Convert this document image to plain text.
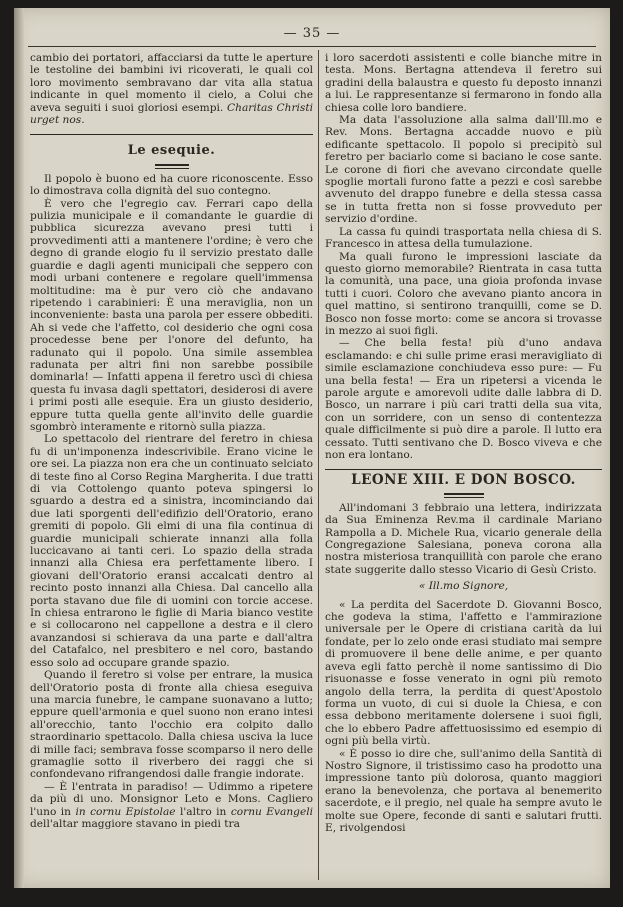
— 35 —

cambio dei portatori, affacciarsi da tutte le aperture le testoline dei bambini ivi ricoverati, le quali col loro movimento sembravano dar vita alla statua indicante in quel momento il cielo, a Colui che aveva seguiti i suoi gloriosi esempi. Charitas Christi urget nos.

Le esequie.

Il popolo è buono ed ha cuore riconoscente. Esso lo dimostrava colla dignità del suo contegno.

È vero che l'egregio cav. Ferrari capo della pulizia municipale e il comandante le guardie di pubblica sicurezza avevano presi tutti i provvedimenti atti a mantenere l'ordine; è vero che degno di grande elogio fu il servizio prestato dalle guardie e dagli agenti municipali che seppero con modi urbani contenere e regolare quell'immensa moltitudine: ma è pur vero ciò che andavano ripetendo i carabinieri: È una meraviglia, non un inconveniente: basta una parola per essere obbediti. Ah si vede che l'affetto, col desiderio che ogni cosa procedesse bene per l'onore del defunto, ha radunato qui il popolo. Una simile assemblea radunata per altri fini non sarebbe possibile dominarla! — Infatti appena il feretro uscì di chiesa questa fu invasa dagli spettatori, desiderosi di avere i primi posti alle esequie. Era un giusto desiderio, eppure tutta quella gente all'invito delle guardie sgombrò interamente e ritornò sulla piazza.

Lo spettacolo del rientrare del feretro in chiesa fu di un'imponenza indescrivibile. Erano vicine le ore sei. La piazza non era che un continuato selciato di teste fino al Corso Regina Margherita. I due tratti di via Cottolengo quanto poteva spingersi lo sguardo a destra ed a sinistra, incominciando dai due lati sporgenti dell'edifizio dell'Oratorio, erano gremiti di popolo. Gli elmi di una fila continua di guardie municipali schierate innanzi alla folla luccicavano ai tanti ceri. Lo spazio della strada innanzi alla Chiesa era perfettamente libero. I giovani dell'Oratorio eransi accalcati dentro al recinto posto innanzi alla Chiesa. Dal cancello alla porta stavano due file di uomini con torcie accese. In chiesa entrarono le figlie di Maria bianco vestite e si collocarono nel cappellone a destra e il clero avanzandosi si schierava da una parte e dall'altra del Catafalco, nel presbitero e nel coro, bastando esso solo ad occupare grande spazio.

Quando il feretro si volse per entrare, la musica dell'Oratorio posta di fronte alla chiesa eseguiva una marcia funebre, le campane suonavano a lutto; eppure quell'armonia e quel suono non erano intesi all'orecchio, tanto l'occhio era colpito dallo straordinario spettacolo. Dalla chiesa usciva la luce di mille faci; sembrava fosse scomparso il nero delle gramaglie sotto il riverbero dei raggi che si confondevano rifrangendosi dalle frangie indorate.

— È l'entrata in paradiso! — Udimmo a ripetere da più di uno. Monsignor Leto e Mons. Cagliero l'uno in in cornu Epistolae l'altro in cornu Evangeli dell'altar maggiore stavano in piedi tra

i loro sacerdoti assistenti e colle bianche mitre in testa. Mons. Bertagna attendeva il feretro sui gradini della balaustra e questo fu deposto innanzi a lui. Le rappresentanze si fermarono in fondo alla chiesa colle loro bandiere.

Ma data l'assoluzione alla salma dall'Ill.mo e Rev. Mons. Bertagna accadde nuovo e più edificante spettacolo. Il popolo si precipitò sul feretro per baciarlo come si baciano le cose sante. Le corone di fiori che avevano circondate quelle spoglie mortali furono fatte a pezzi e così sarebbe avvenuto del drappo funebre e della stessa cassa se in tutta fretta non si fosse provveduto per servizio d'ordine.

La cassa fu quindi trasportata nella chiesa di S. Francesco in attesa della tumulazione.

Ma quali furono le impressioni lasciate da questo giorno memorabile? Rientrata in casa tutta la comunità, una pace, una gioia profonda invase tutti i cuori. Coloro che avevano pianto ancora in quel mattino, si sentirono tranquilli, come se D. Bosco non fosse morto: come se ancora si trovasse in mezzo ai suoi figli.

— Che bella festa! più d'uno andava esclamando: e chi sulle prime erasi meravigliato di simile esclamazione conchiudeva esso pure: — Fu una bella festa! — Era un ripetersi a vicenda le parole argute e amorevoli udite dalle labbra di D. Bosco, un narrare i più cari tratti della sua vita, con un sorridere, con un senso di contentezza quale difficilmente si può dire a parole. Il lutto era cessato. Tutti sentivano che D. Bosco viveva e che non era lontano.

LEONE XIII. E DON BOSCO.

All'indomani 3 febbraio una lettera, indirizzata da Sua Eminenza Rev.ma il cardinale Mariano Rampolla a D. Michele Rua, vicario generale della Congregazione Salesiana, poneva corona alla nostra misteriosa tranquillità con parole che erano state suggerite dallo stesso Vicario di Gesù Cristo.

« Ill.mo Signore,

« La perdita del Sacerdote D. Giovanni Bosco, che godeva la stima, l'affetto e l'ammirazione universale per le Opere di cristiana carità da lui fondate, per lo zelo onde erasi studiato mai sempre di promuovere il bene delle anime, e per quanto aveva egli fatto perchè il nome santissimo di Dio risuonasse e fosse venerato in ogni più remoto angolo della terra, la perdita di quest'Apostolo forma un vuoto, di cui si duole la Chiesa, e con essa debbono meritamente dolersene i suoi figli, che lo ebbero Padre affettuosissimo ed esempio di ogni più bella virtù.

« È posso io dire che, sull'animo della Santità di Nostro Signore, il tristissimo caso ha prodotto una impressione tanto più dolorosa, quanto maggiori erano la benevolenza, che portava al benemerito sacerdote, e il pregio, nel quale ha sempre avuto le molte sue Opere, feconde di santi e salutari frutti. E, rivolgendosi
